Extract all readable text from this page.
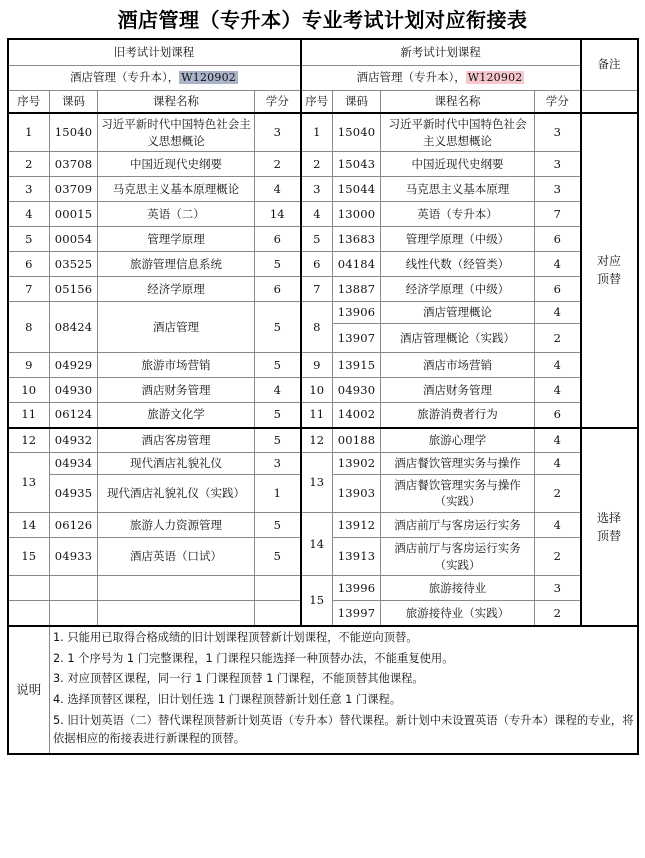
酒店管理（专升本）专业考试计划对应衔接表
旧考试计划课程				新考试计划课程				备注
酒店管理（专升本）， W120902				酒店管理（专升本）， W120902				
序号	课码	课程名称	学分	序号	课码	课程名称	学分	
1	15040	习近平新时代中国特色社会主义思想概论	3	1	15040	习近平新时代中国特色社会主义思想概论	3	对应顶替

2	03708	中国近现代史纲要	2	2	15043	中国近现代史纲要	3	
3	03709	马克思主义基本原理概论	4	3	15044	马克思主义基本原理	3	
4	00015	英语（二）	14	4	13000	英语（专升本）	7	
5	00054	管理学原理	6	5	13683	管理学原理（中级）	6	
6	03525	旅游管理信息系统	5	6	04184	线性代数（经管类）	4	
7	05156	经济学原理	6	7	13887	经济学原理（中级）	6	
8	08424	酒店管理	5	8	13906	酒店管理概论	4	
					13907	酒店管理概论（实践）	2	
9	04929	旅游市场营销	5	9	13915	酒店市场营销	4	
10	04930	酒店财务管理	4	10	04930	酒店财务管理	4	
11	06124	旅游文化学	5	11	14002	旅游消费者行为	6	
12	04932	酒店客房管理	5	12	00188	旅游心理学	4	选择顶替

13	04934	现代酒店礼貌礼仪	3	13	13902	酒店餐饮管理实务与操作	4	
	04935	现代酒店礼貌礼仪（实践）	1		13903	酒店餐饮管理实务与操作（实践）	2	
14	06126	旅游人力资源管理	5	14	13912	酒店前厅与客房运行实务	4	
15	04933	酒店英语（口试）	5		13913	酒店前厅与客房运行实务（实践）	2	
				15	13996	旅游接待业	3	
					13997	旅游接待业（实践）	2	

说明	1. 只能用已取得合格成绩的旧计划课程顶替新计划课程，不能逆向顶替。

2. 1 个序号为 1 门完整课程，1 门课程只能选择一种顶替办法，不能重复使用。

3. 对应顶替区课程，同一行 1 门课程顶替 1 门课程，不能顶替其他课程。

4. 选择顶替区课程，旧计划任选 1 门课程顶替新计划任意 1 门课程。

5. 旧计划英语（二）替代课程顶替新计划英语（专升本）替代课程。新计划中未设置英语（专升本）课程的专业，将依据相应的衔接表进行新课程的顶替。							
